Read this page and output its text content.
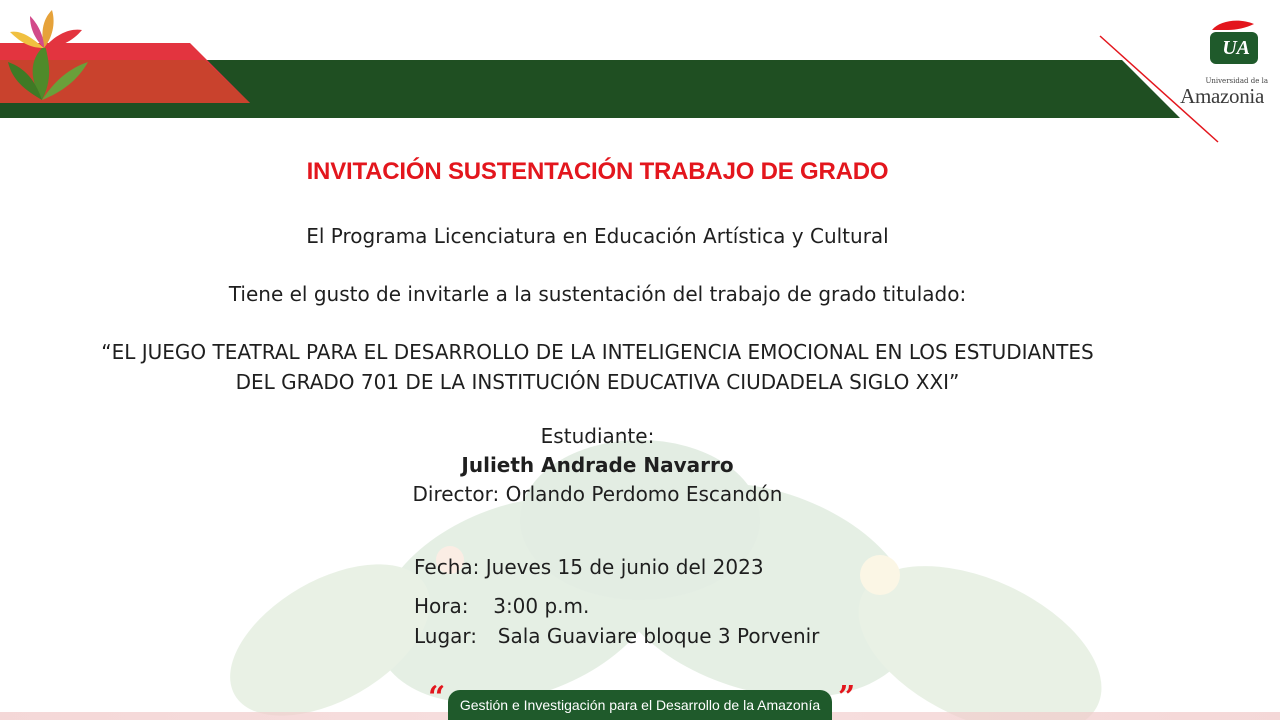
UA
Universidad de la
Amazonia
INVITACIÓN SUSTENTACIÓN TRABAJO DE GRADO
El Programa Licenciatura en Educación Artística y Cultural
Tiene el gusto de invitarle a la sustentación del trabajo de grado titulado:
“EL JUEGO TEATRAL PARA EL DESARROLLO DE LA INTELIGENCIA EMOCIONAL EN LOS ESTUDIANTES
DEL GRADO 701 DE LA INSTITUCIÓN EDUCATIVA CIUDADELA SIGLO XXI”
Estudiante:
Julieth Andrade Navarro
Director: Orlando Perdomo Escandón
Fecha: Jueves 15 de junio del 2023
Hora: 3:00 p.m.
Lugar: Sala Guaviare bloque 3 Porvenir
“	Gestión e Investigación para el Desarrollo de la Amazonía ”
